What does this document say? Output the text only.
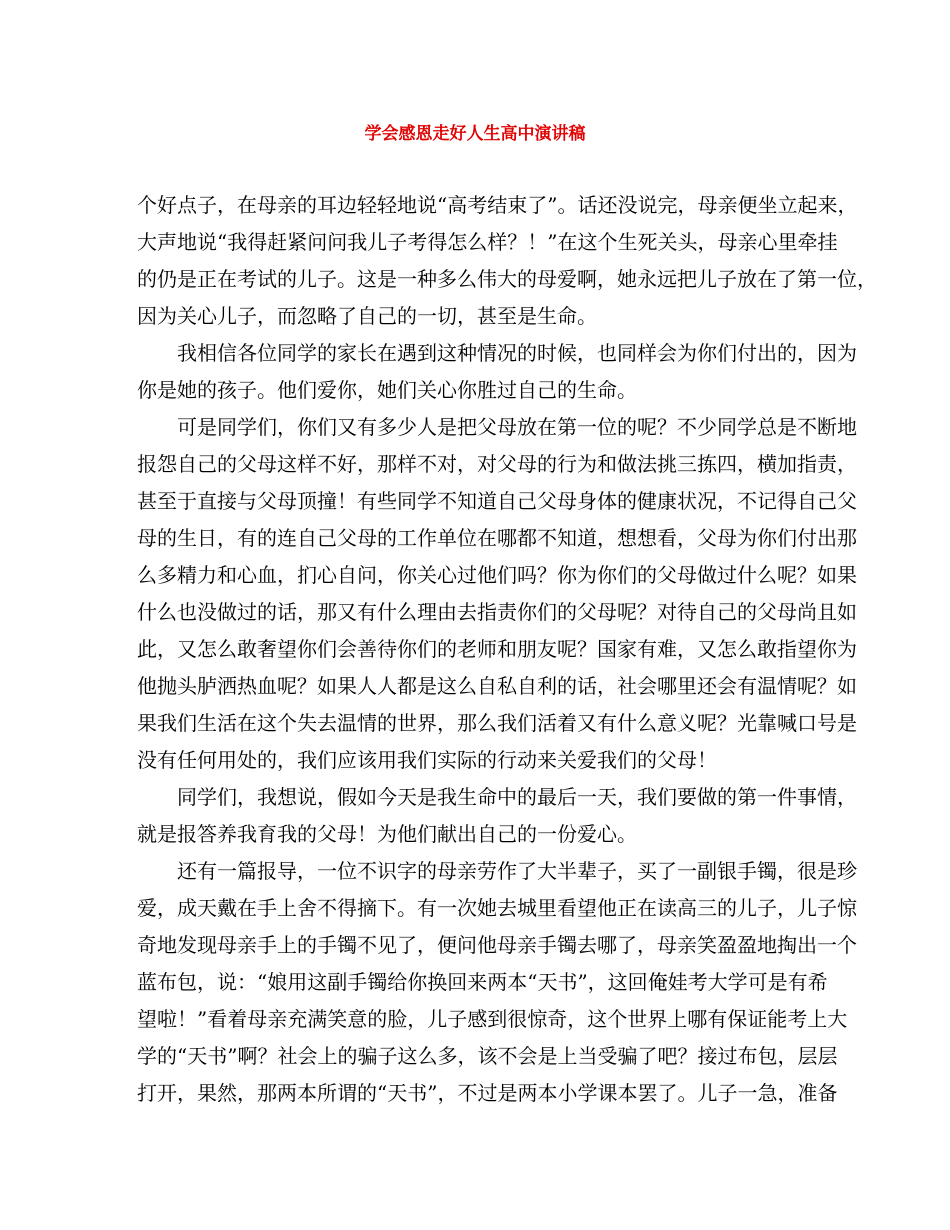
学会感恩走好人生高中演讲稿
个好点子，在母亲的耳边轻轻地说“高考结束了”。话还没说完，母亲便坐立起来，
大声地说“我得赶紧问问我儿子考得怎么样？！”在这个生死关头，母亲心里牵挂
的仍是正在考试的儿子。这是一种多么伟大的母爱啊，她永远把儿子放在了第一位，
因为关心儿子，而忽略了自己的一切，甚至是生命。
我相信各位同学的家长在遇到这种情况的时候，也同样会为你们付出的，因为
你是她的孩子。他们爱你，她们关心你胜过自己的生命。
可是同学们，你们又有多少人是把父母放在第一位的呢？不少同学总是不断地
报怨自己的父母这样不好，那样不对，对父母的行为和做法挑三拣四，横加指责，
甚至于直接与父母顶撞！有些同学不知道自己父母身体的健康状况，不记得自己父
母的生日，有的连自己父母的工作单位在哪都不知道，想想看，父母为你们付出那
么多精力和心血，扪心自问，你关心过他们吗？你为你们的父母做过什么呢？如果
什么也没做过的话，那又有什么理由去指责你们的父母呢？对待自己的父母尚且如
此，又怎么敢奢望你们会善待你们的老师和朋友呢？国家有难，又怎么敢指望你为
他抛头胪洒热血呢？如果人人都是这么自私自利的话，社会哪里还会有温情呢？如
果我们生活在这个失去温情的世界，那么我们活着又有什么意义呢？光靠喊口号是
没有任何用处的，我们应该用我们实际的行动来关爱我们的父母！
同学们，我想说，假如今天是我生命中的最后一天，我们要做的第一件事情，
就是报答养我育我的父母！为他们献出自己的一份爱心。
还有一篇报导，一位不识字的母亲劳作了大半辈子，买了一副银手镯，很是珍
爱，成天戴在手上舍不得摘下。有一次她去城里看望他正在读高三的儿子，儿子惊
奇地发现母亲手上的手镯不见了，便问他母亲手镯去哪了，母亲笑盈盈地掏出一个
蓝布包，说：“娘用这副手镯给你换回来两本“天书”，这回俺娃考大学可是有希
望啦！”看着母亲充满笑意的脸，儿子感到很惊奇，这个世界上哪有保证能考上大
学的“天书”啊？社会上的骗子这么多，该不会是上当受骗了吧？接过布包，层层
打开，果然，那两本所谓的“天书”，不过是两本小学课本罢了。儿子一急，准备
